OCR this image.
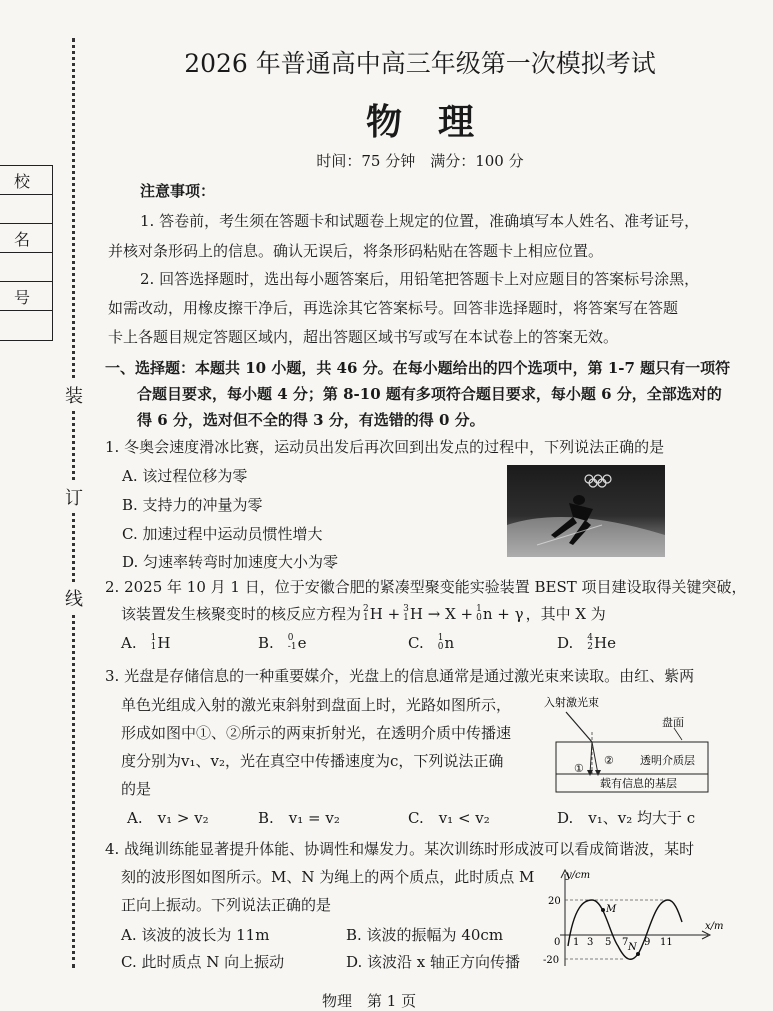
装
订
线
校
名
号
2026 年普通高中高三年级第一次模拟考试
物　理
时间：75 分钟　满分：100 分

注意事项：

1. 答卷前，考生须在答题卡和试题卷上规定的位置，准确填写本人姓名、准考证号，

并核对条形码上的信息。确认无误后，将条形码粘贴在答题卡上相应位置。

2. 回答选择题时，选出每小题答案后，用铅笔把答题卡上对应题目的答案标号涂黑，

如需改动，用橡皮擦干净后，再选涂其它答案标号。回答非选择题时，将答案写在答题

卡上各题目规定答题区域内，超出答题区域书写或写在本试卷上的答案无效。

一、选择题：本题共 10 小题，共 46 分。在每小题给出的四个选项中，第 1-7 题只有一项符

合题目要求，每小题 4 分；第 8-10 题有多项符合题目要求，每小题 6 分，全部选对的

得 6 分，选对但不全的得 3 分，有选错的得 0 分。

1. 冬奥会速度滑冰比赛，运动员出发后再次回到出发点的过程中，下列说法正确的是

A. 该过程位移为零

B. 支持力的冲量为零

C. 加速过程中运动员惯性增大

D. 匀速率转弯时加速度大小为零

2. 2025 年 10 月 1 日，位于安徽合肥的紧凑型聚变能实验装置 BEST 项目建设取得关键突破，

该装置发生核聚变时的核反应方程为 2
1 H + 3
1 H → X + 1
0 n + γ ，其中 X 为
A. 1
1 H	B. 0
-1 e	C. 1
0 n	D. 4
2 He

3. 光盘是存储信息的一种重要媒介，光盘上的信息通常是通过激光束来读取。由红、紫两

单色光组成入射的激光束斜射到盘面上时，光路如图所示，

形成如图中①、②所示的两束折射光，在透明介质中传播速

度分别为v₁、v₂，光在真空中传播速度为c，下列说法正确

的是

A.　v₁ > v₂	B.　v₁ = v₂	C.　v₁ < v₂	D.　v₁、v₂ 均大于 c

入射激光束
盘面
透明介质层
载有信息的基层
①
②

4. 战绳训练能显著提升体能、协调性和爆发力。某次训练时形成波可以看成简谐波，某时

刻的波形图如图所示。M、N 为绳上的两个质点，此时质点 M

正向上振动。下列说法正确的是

A. 该波的波长为 11m	B. 该波的振幅为 40cm

C. 此时质点 N 向上振动	D. 该波沿 x 轴正方向传播

y/cm
x/m
20
-20
0 1 3 5 7 9 11
M
N

物理　第 1 页
